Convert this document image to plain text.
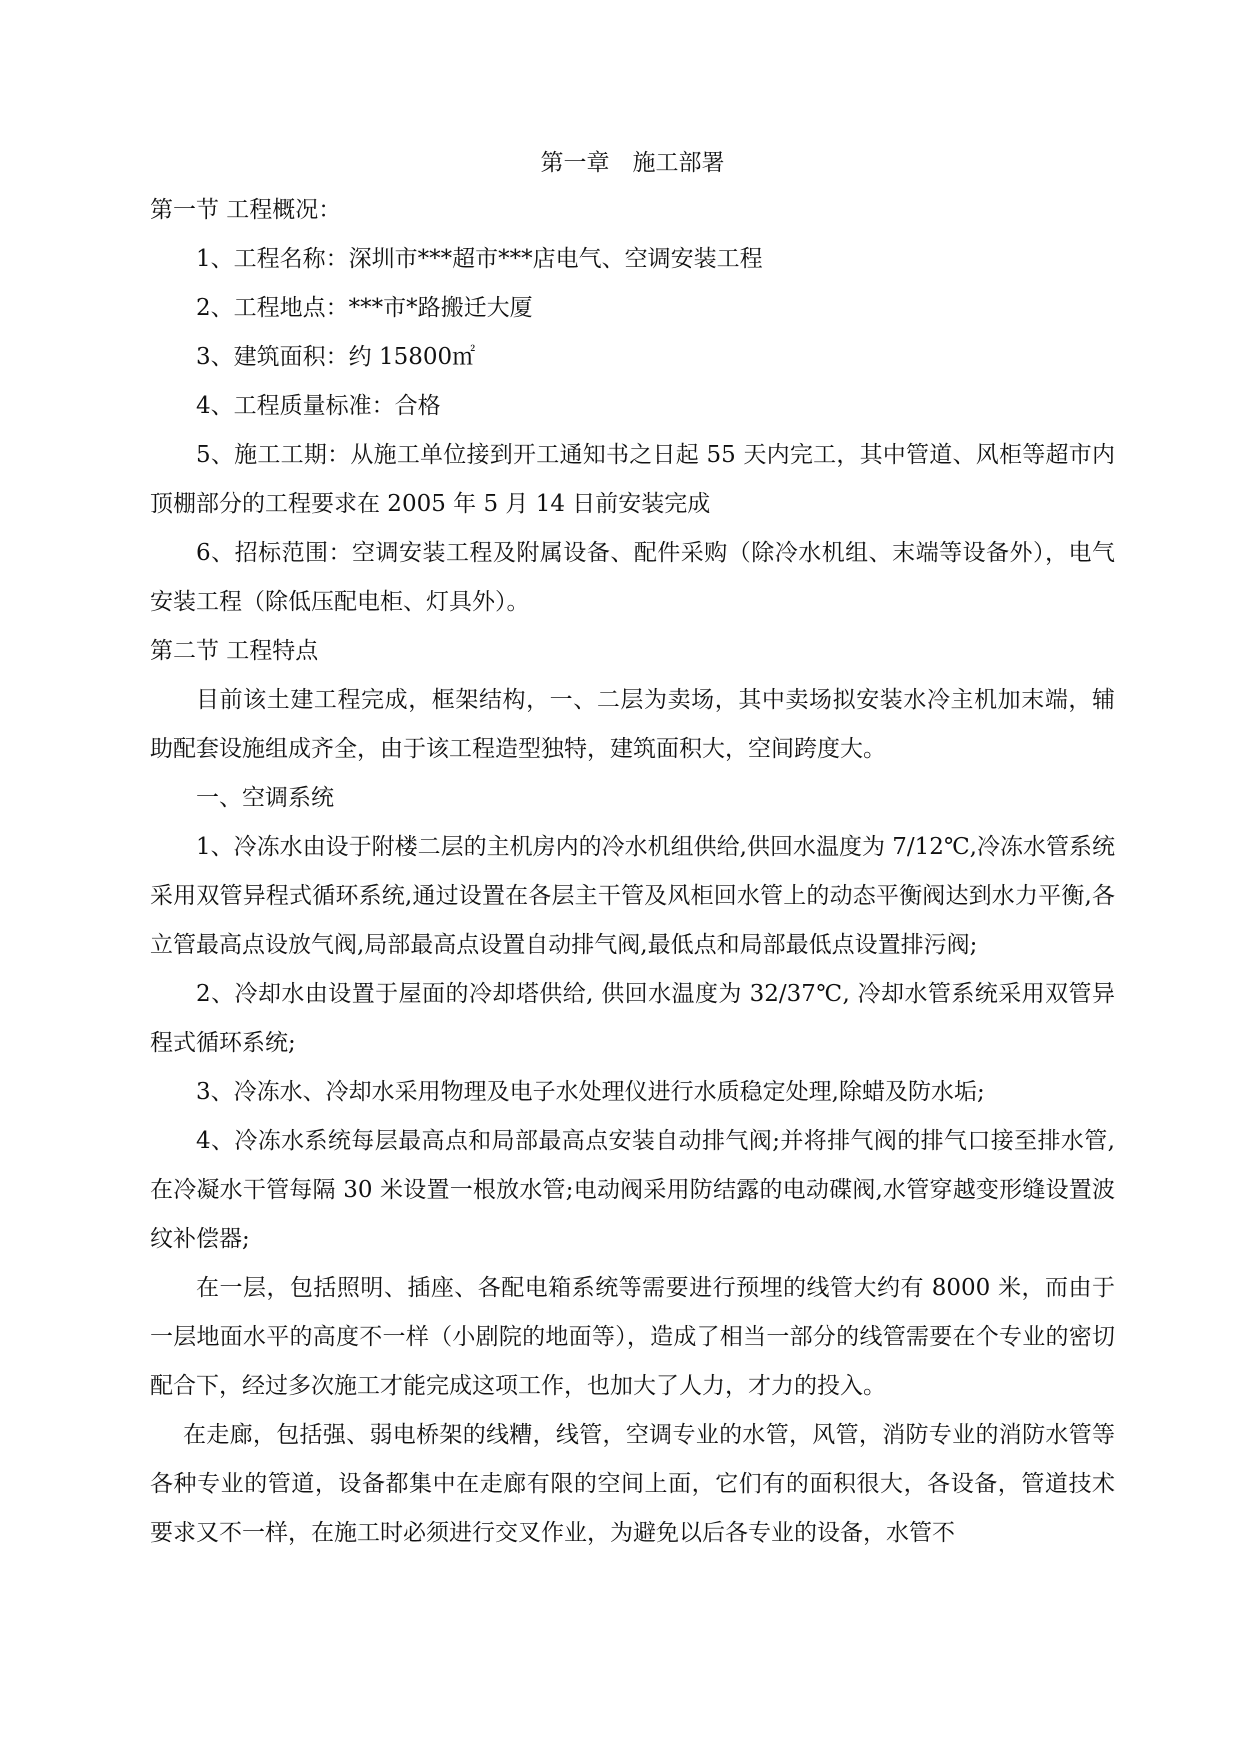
第一章　施工部署
第一节 工程概况：

1、工程名称：深圳市***超市***店电气、空调安装工程

2、工程地点：***市*路搬迁大厦

3、建筑面积：约 15800㎡

4、工程质量标准：合格

5、施工工期：从施工单位接到开工通知书之日起 55 天内完工，其中管道、风柜等超市内顶棚部分的工程要求在 2005 年 5 月 14 日前安装完成

6、招标范围：空调安装工程及附属设备、配件采购（除冷水机组、末端等设备外），电气安装工程（除低压配电柜、灯具外）。

第二节 工程特点

目前该土建工程完成，框架结构，一、二层为卖场，其中卖场拟安装水冷主机加末端，辅助配套设施组成齐全，由于该工程造型独特，建筑面积大，空间跨度大。

一、空调系统

1、冷冻水由设于附楼二层的主机房内的冷水机组供给,供回水温度为 7/12℃,冷冻水管系统采用双管异程式循环系统,通过设置在各层主干管及风柜回水管上的动态平衡阀达到水力平衡,各立管最高点设放气阀,局部最高点设置自动排气阀,最低点和局部最低点设置排污阀;

2、冷却水由设置于屋面的冷却塔供给, 供回水温度为 32/37℃, 冷却水管系统采用双管异程式循环系统;

3、冷冻水、冷却水采用物理及电子水处理仪进行水质稳定处理,除蜡及防水垢;

4、冷冻水系统每层最高点和局部最高点安装自动排气阀;并将排气阀的排气口接至排水管,在冷凝水干管每隔 30 米设置一根放水管;电动阀采用防结露的电动碟阀,水管穿越变形缝设置波纹补偿器;

在一层，包括照明、插座、各配电箱系统等需要进行预埋的线管大约有 8000 米，而由于一层地面水平的高度不一样（小剧院的地面等），造成了相当一部分的线管需要在个专业的密切配合下，经过多次施工才能完成这项工作，也加大了人力，才力的投入。

在走廊，包括强、弱电桥架的线糟，线管，空调专业的水管，风管，消防专业的消防水管等各种专业的管道，设备都集中在走廊有限的空间上面，它们有的面积很大，各设备，管道技术要求又不一样，在施工时必须进行交叉作业，为避免以后各专业的设备，水管不
